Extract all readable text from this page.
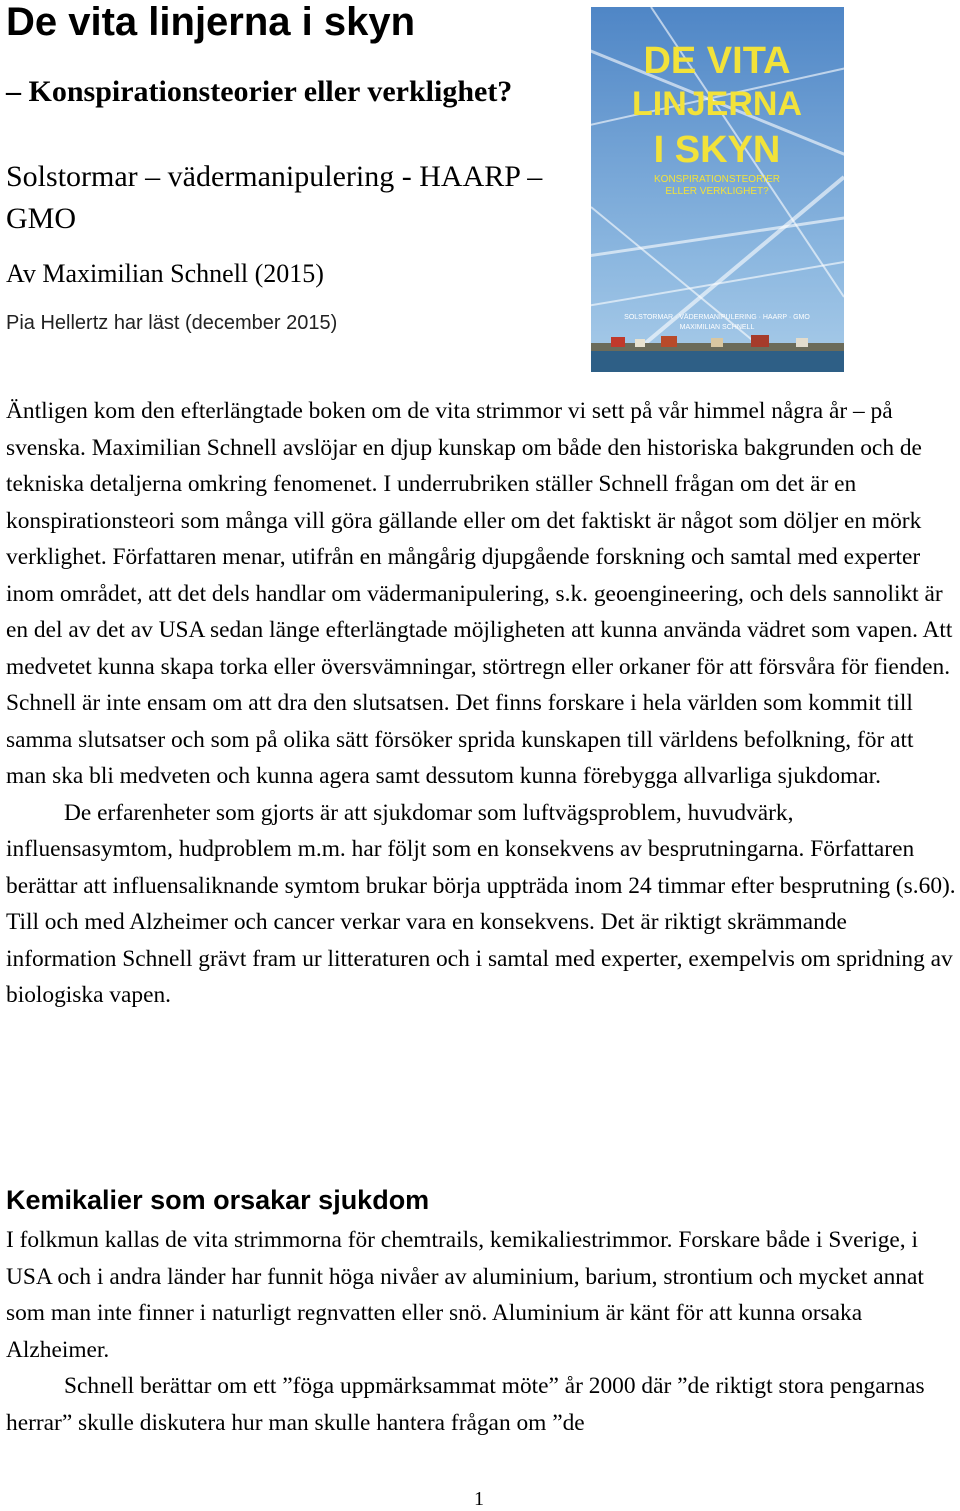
De vita linjerna i skyn
– Konspirationsteorier eller verklighet?
Solstormar – vädermanipulering - HAARP – GMO
Av Maximilian Schnell (2015)
Pia Hellertz har läst (december 2015)
DE VITA
LINJERNA
I SKYN
KONSPIRATIONSTEORIER
ELLER VERKLIGHET?
SOLSTORMAR · VÄDERMANIPULERING · HAARP · GMO
MAXIMILIAN SCHNELL

Äntligen kom den efterlängtade boken om de vita strimmor vi sett på vår himmel några år – på svenska. Maximilian Schnell avslöjar en djup kunskap om både den historiska bakgrunden och de tekniska detaljerna omkring fenomenet. I underrubriken ställer Schnell frågan om det är en konspirationsteori som många vill göra gällande eller om det faktiskt är något som döljer en mörk verklighet. Författaren menar, utifrån en mångårig djupgående forskning och samtal med experter inom området, att det dels handlar om vädermanipulering, s.k. geoengineering, och dels sannolikt är en del av det av USA sedan länge efterlängtade möjligheten att kunna använda vädret som vapen. Att medvetet kunna skapa torka eller översvämningar, störtregn eller orkaner för att försvåra för fienden. Schnell är inte ensam om att dra den slutsatsen. Det finns forskare i hela världen som kommit till samma slutsatser och som på olika sätt försöker sprida kunskapen till världens befolkning, för att man ska bli medveten och kunna agera samt dessutom kunna förebygga allvarliga sjukdomar.

De erfarenheter som gjorts är att sjukdomar som luftvägsproblem, huvudvärk, influensasymtom, hudproblem m.m. har följt som en konsekvens av besprutningarna. Författaren berättar att influensaliknande symtom brukar börja uppträda inom 24 timmar efter besprutning (s.60). Till och med Alzheimer och cancer verkar vara en konsekvens. Det är riktigt skrämmande information Schnell grävt fram ur litteraturen och i samtal med experter, exempelvis om spridning av biologiska vapen.

Kemikalier som orsakar sjukdom

I folkmun kallas de vita strimmorna för chemtrails, kemikaliestrimmor. Forskare både i Sverige, i USA och i andra länder har funnit höga nivåer av aluminium, barium, strontium och mycket annat som man inte finner i naturligt regnvatten eller snö. Aluminium är känt för att kunna orsaka Alzheimer.

Schnell berättar om ett ”föga uppmärksammat möte” år 2000 där ”de riktigt stora pengarnas herrar” skulle diskutera hur man skulle hantera frågan om ”de

1
